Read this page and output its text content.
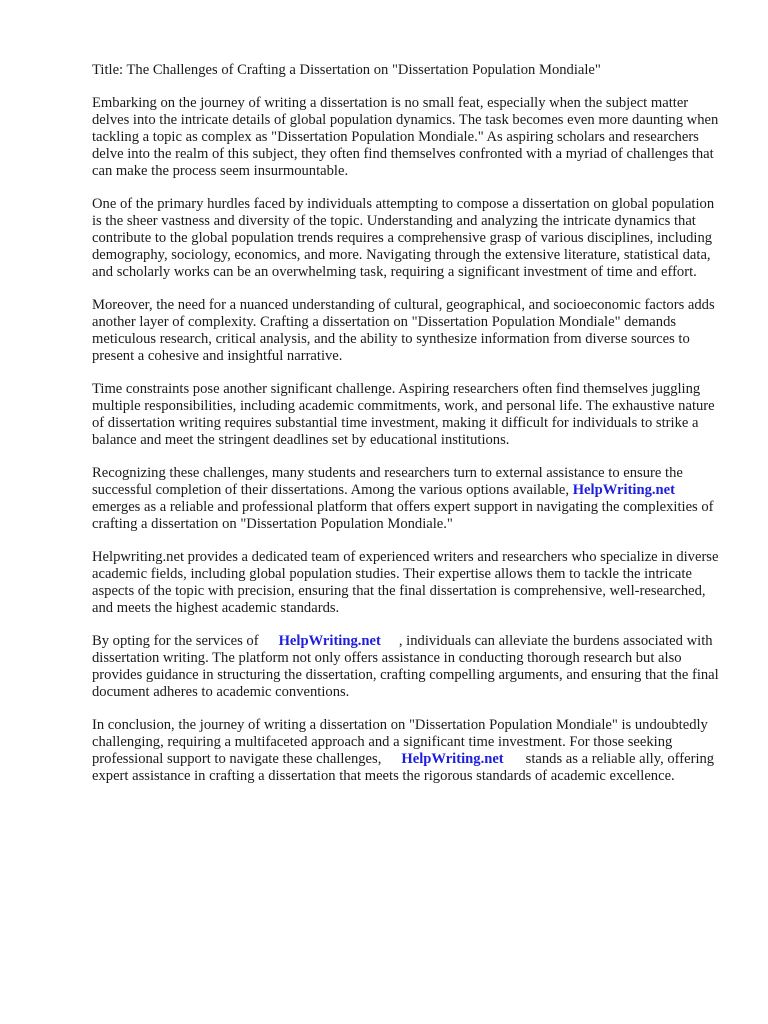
Title: The Challenges of Crafting a Dissertation on "Dissertation Population Mondiale"

Embarking on the journey of writing a dissertation is no small feat, especially when the subject matter delves into the intricate details of global population dynamics. The task becomes even more daunting when tackling a topic as complex as "Dissertation Population Mondiale." As aspiring scholars and researchers delve into the realm of this subject, they often find themselves confronted with a myriad of challenges that can make the process seem insurmountable.

One of the primary hurdles faced by individuals attempting to compose a dissertation on global population is the sheer vastness and diversity of the topic. Understanding and analyzing the intricate dynamics that contribute to the global population trends requires a comprehensive grasp of various disciplines, including demography, sociology, economics, and more. Navigating through the extensive literature, statistical data, and scholarly works can be an overwhelming task, requiring a significant investment of time and effort.

Moreover, the need for a nuanced understanding of cultural, geographical, and socioeconomic factors adds another layer of complexity. Crafting a dissertation on "Dissertation Population Mondiale" demands meticulous research, critical analysis, and the ability to synthesize information from diverse sources to present a cohesive and insightful narrative.

Time constraints pose another significant challenge. Aspiring researchers often find themselves juggling multiple responsibilities, including academic commitments, work, and personal life. The exhaustive nature of dissertation writing requires substantial time investment, making it difficult for individuals to strike a balance and meet the stringent deadlines set by educational institutions.

Recognizing these challenges, many students and researchers turn to external assistance to ensure the successful completion of their dissertations. Among the various options available, HelpWriting.netemerges as a reliable and professional platform that offers expert support in navigating the complexities of crafting a dissertation on "Dissertation Population Mondiale."

Helpwriting.net provides a dedicated team of experienced writers and researchers who specialize in diverse academic fields, including global population studies. Their expertise allows them to tackle the intricate aspects of the topic with precision, ensuring that the final dissertation is comprehensive, well-researched, and meets the highest academic standards.

By opting for the services of HelpWriting.net , individuals can alleviate the burdens associated with dissertation writing. The platform not only offers assistance in conducting thorough research but also provides guidance in structuring the dissertation, crafting compelling arguments, and ensuring that the final document adheres to academic conventions.

In conclusion, the journey of writing a dissertation on "Dissertation Population Mondiale" is undoubtedly challenging, requiring a multifaceted approach and a significant time investment. For those seeking professional support to navigate these challenges, HelpWriting.net stands as a reliable ally, offering expert assistance in crafting a dissertation that meets the rigorous standards of academic excellence.
